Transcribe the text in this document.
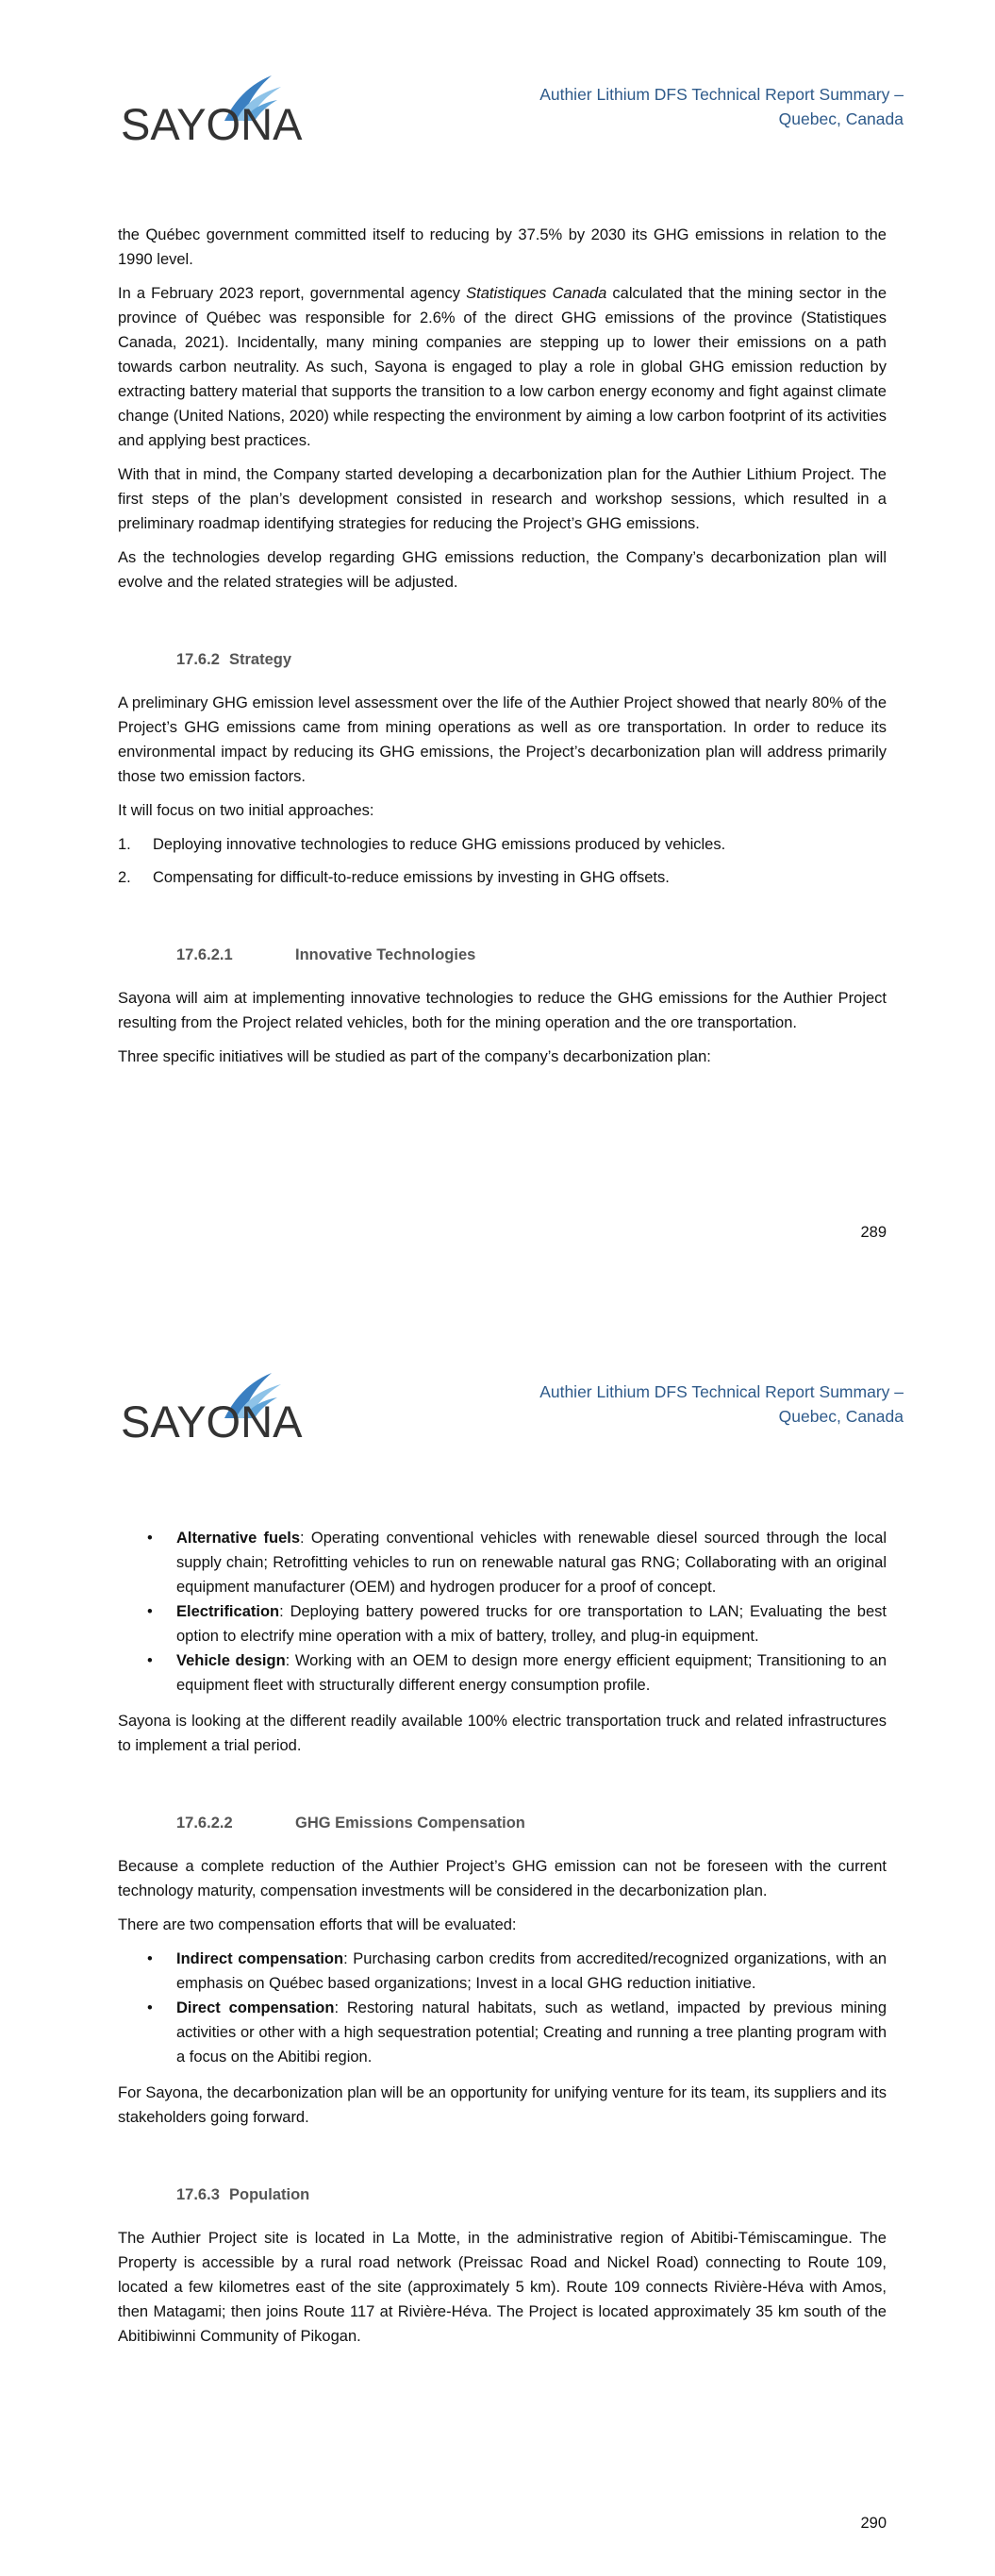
SAYONA
Authier Lithium DFS Technical Report Summary –
Quebec, Canada

the Québec government committed itself to reducing by 37.5% by 2030 its GHG emissions in relation to the 1990 level.

In a February 2023 report, governmental agency Statistiques Canada calculated that the mining sector in the province of Québec was responsible for 2.6% of the direct GHG emissions of the province (Statistiques Canada, 2021). Incidentally, many mining companies are stepping up to lower their emissions on a path towards carbon neutrality. As such, Sayona is engaged to play a role in global GHG emission reduction by extracting battery material that supports the transition to a low carbon energy economy and fight against climate change (United Nations, 2020) while respecting the environment by aiming a low carbon footprint of its activities and applying best practices.

With that in mind, the Company started developing a decarbonization plan for the Authier Lithium Project. The first steps of the plan’s development consisted in research and workshop sessions, which resulted in a preliminary roadmap identifying strategies for reducing the Project’s GHG emissions.

As the technologies develop regarding GHG emissions reduction, the Company’s decarbonization plan will evolve and the related strategies will be adjusted.

17.6.2 Strategy

A preliminary GHG emission level assessment over the life of the Authier Project showed that nearly 80% of the Project’s GHG emissions came from mining operations as well as ore transportation. In order to reduce its environmental impact by reducing its GHG emissions, the Project’s decarbonization plan will address primarily those two emission factors.

It will focus on two initial approaches:

1. Deploying innovative technologies to reduce GHG emissions produced by vehicles.
2. Compensating for difficult-to-reduce emissions by investing in GHG offsets.
17.6.2.1	Innovative Technologies

Sayona will aim at implementing innovative technologies to reduce the GHG emissions for the Authier Project resulting from the Project related vehicles, both for the mining operation and the ore transportation.

Three specific initiatives will be studied as part of the company’s decarbonization plan:

289
SAYONA
Authier Lithium DFS Technical Report Summary –
Quebec, Canada
• Alternative fuels: Operating conventional vehicles with renewable diesel sourced through the local supply chain; Retrofitting vehicles to run on renewable natural gas RNG; Collaborating with an original equipment manufacturer (OEM) and hydrogen producer for a proof of concept.
• Electrification: Deploying battery powered trucks for ore transportation to LAN; Evaluating the best option to electrify mine operation with a mix of battery, trolley, and plug-in equipment.
• Vehicle design: Working with an OEM to design more energy efficient equipment; Transitioning to an equipment fleet with structurally different energy consumption profile.

Sayona is looking at the different readily available 100% electric transportation truck and related infrastructures to implement a trial period.

17.6.2.2	GHG Emissions Compensation

Because a complete reduction of the Authier Project’s GHG emission can not be foreseen with the current technology maturity, compensation investments will be considered in the decarbonization plan.

There are two compensation efforts that will be evaluated:

• Indirect compensation: Purchasing carbon credits from accredited/recognized organizations, with an emphasis on Québec based organizations; Invest in a local GHG reduction initiative.
• Direct compensation: Restoring natural habitats, such as wetland, impacted by previous mining activities or other with a high sequestration potential; Creating and running a tree planting program with a focus on the Abitibi region.

For Sayona, the decarbonization plan will be an opportunity for unifying venture for its team, its suppliers and its stakeholders going forward.

17.6.3 Population

The Authier Project site is located in La Motte, in the administrative region of Abitibi-Témiscamingue. The Property is accessible by a rural road network (Preissac Road and Nickel Road) connecting to Route 109, located a few kilometres east of the site (approximately 5 km). Route 109 connects Rivière-Héva with Amos, then Matagami; then joins Route 117 at Rivière-Héva. The Project is located approximately 35 km south of the Abitibiwinni Community of Pikogan.

290
